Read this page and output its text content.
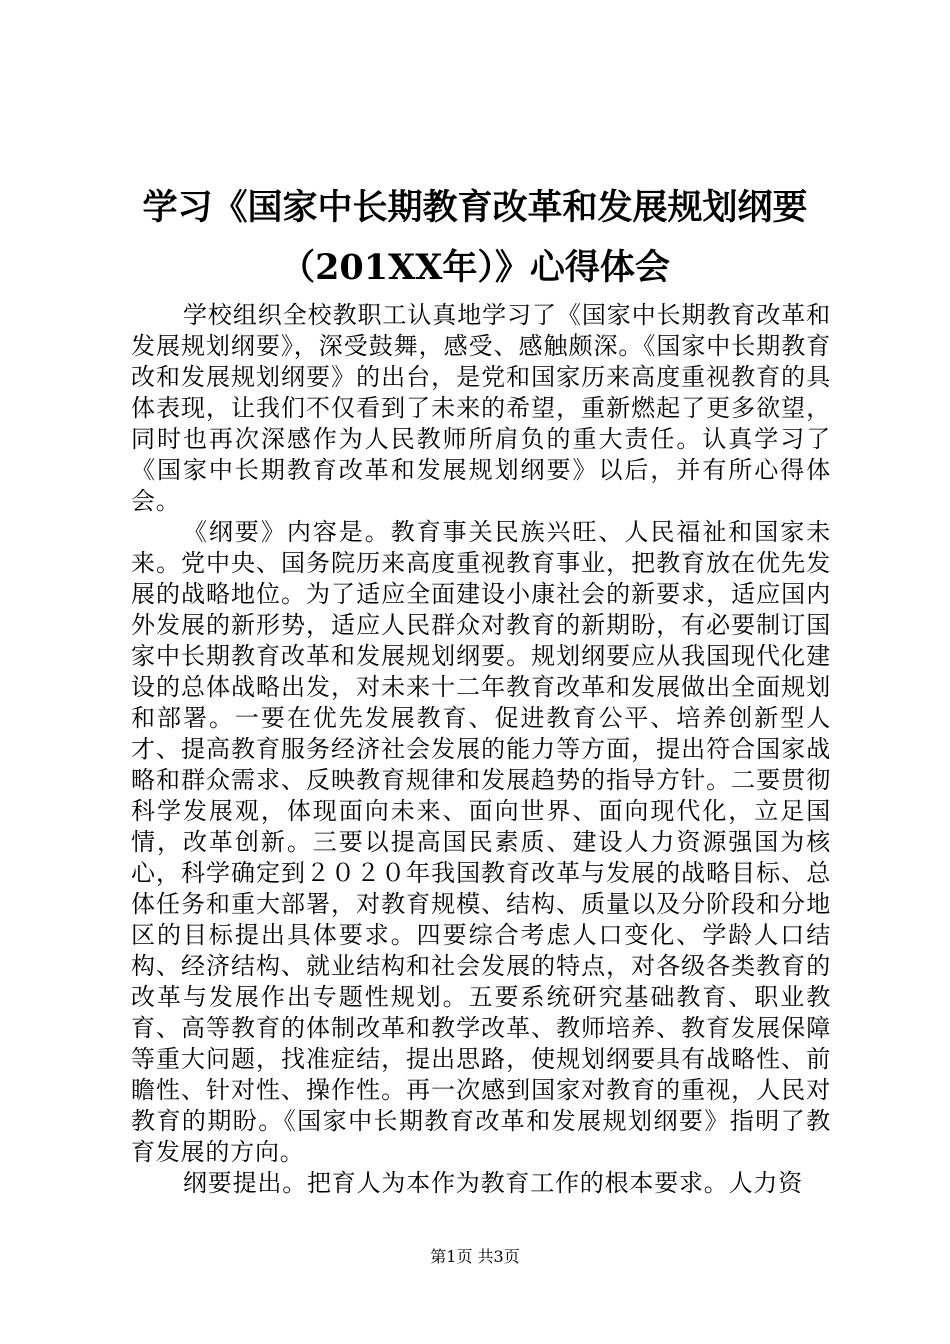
学习《国家中长期教育改革和发展规划纲要
（201XX年）》心得体会

学校组织全校教职工认真地学习了《国家中长期教育改革和发展规划纲要》，深受鼓舞，感受、感触颇深。《国家中长期教育改和发展规划纲要》的出台，是党和国家历来高度重视教育的具体表现，让我们不仅看到了未来的希望，重新燃起了更多欲望，同时也再次深感作为人民教师所肩负的重大责任。认真学习了《国家中长期教育改革和发展规划纲要》以后，并有所心得体会。

《纲要》内容是。教育事关民族兴旺、人民福祉和国家未来。党中央、国务院历来高度重视教育事业，把教育放在优先发展的战略地位。为了适应全面建设小康社会的新要求，适应国内外发展的新形势，适应人民群众对教育的新期盼，有必要制订国家中长期教育改革和发展规划纲要。规划纲要应从我国现代化建设的总体战略出发，对未来十二年教育改革和发展做出全面规划和部署。一要在优先发展教育、促进教育公平、培养创新型人才、提高教育服务经济社会发展的能力等方面，提出符合国家战略和群众需求、反映教育规律和发展趋势的指导方针。二要贯彻科学发展观，体现面向未来、面向世界、面向现代化，立足国情，改革创新。三要以提高国民素质、建设人力资源强国为核心，科学确定到２０２０年我国教育改革与发展的战略目标、总体任务和重大部署，对教育规模、结构、质量以及分阶段和分地区的目标提出具体要求。四要综合考虑人口变化、学龄人口结构、经济结构、就业结构和社会发展的特点，对各级各类教育的改革与发展作出专题性规划。五要系统研究基础教育、职业教育、高等教育的体制改革和教学改革、教师培养、教育发展保障等重大问题，找准症结，提出思路，使规划纲要具有战略性、前瞻性、针对性、操作性。再一次感到国家对教育的重视，人民对教育的期盼。《国家中长期教育改革和发展规划纲要》指明了教育发展的方向。

纲要提出。把育人为本作为教育工作的根本要求。人力资

第1页 共3页
